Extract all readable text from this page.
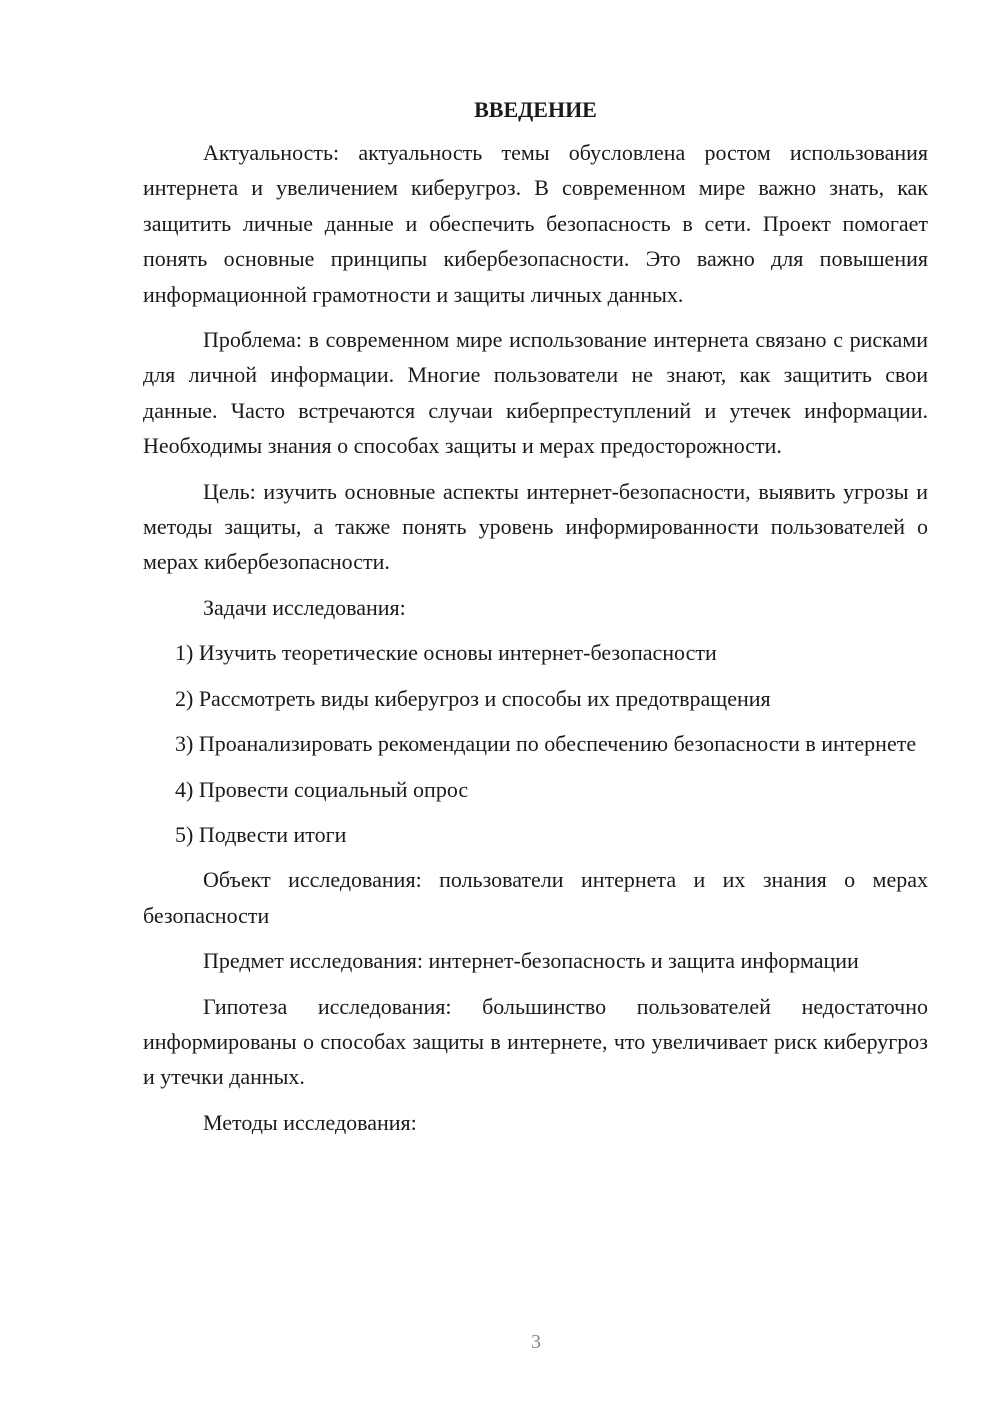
ВВЕДЕНИЕ

Актуальность: актуальность темы обусловлена ростом использования интернета и увеличением киберугроз. В современном мире важно знать, как защитить личные данные и обеспечить безопасность в сети. Проект помогает понять основные принципы кибербезопасности. Это важно для повышения информационной грамотности и защиты личных данных.

Проблема: в современном мире использование интернета связано с рисками для личной информации. Многие пользователи не знают, как защитить свои данные. Часто встречаются случаи киберпреступлений и утечек информации. Необходимы знания о способах защиты и мерах предосторожности.

Цель: изучить основные аспекты интернет-безопасности, выявить угрозы и методы защиты, а также понять уровень информированности пользователей о мерах кибербезопасности.

Задачи исследования:

1) Изучить теоретические основы интернет-безопасности

2) Рассмотреть виды киберугроз и способы их предотвращения

3) Проанализировать рекомендации по обеспечению безопасности в интернете

4) Провести социальный опрос

5) Подвести итоги

Объект исследования: пользователи интернета и их знания о мерах безопасности

Предмет исследования: интернет-безопасность и защита информации

Гипотеза исследования: большинство пользователей недостаточно информированы о способах защиты в интернете, что увеличивает риск киберугроз и утечки данных.

Методы исследования:

3
